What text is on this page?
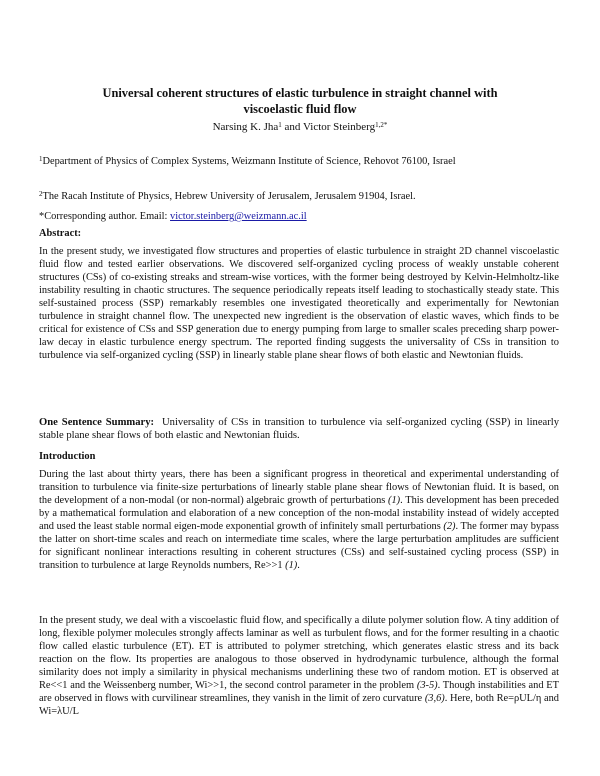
Universal coherent structures of elastic turbulence in straight channel with
viscoelastic fluid flow
Narsing K. Jha$^1$ and Victor Steinberg$^{1,2*}$

$^1$Department of Physics of Complex Systems, Weizmann Institute of Science, Rehovot 76100, Israel

$^2$The Racah Institute of Physics, Hebrew University of Jerusalem, Jerusalem 91904, Israel.

*Corresponding author. Email: victor.steinberg@weizmann.ac.il

Abstract:

In the present study, we investigated flow structures and properties of elastic turbulence in straight 2D channel viscoelastic fluid flow and tested earlier observations. We discovered self-organized cycling process of weakly unstable coherent structures (CSs) of co-existing streaks and stream-wise vortices, with the former being destroyed by Kelvin-Helmholtz-like instability resulting in chaotic structures. The sequence periodically repeats itself leading to stochastically steady state. This self-sustained process (SSP) remarkably resembles one investigated theoretically and experimentally for Newtonian turbulence in straight channel flow. The unexpected new ingredient is the observation of elastic waves, which finds to be critical for existence of CSs and SSP generation due to energy pumping from large to smaller scales preceding sharp power-law decay in elastic turbulence energy spectrum. The reported finding suggests the universality of CSs in transition to turbulence via self-organized cycling (SSP) in linearly stable plane shear flows of both elastic and Newtonian fluids.

One Sentence Summary: Universality of CSs in transition to turbulence via self-organized cycling (SSP) in linearly stable plane shear flows of both elastic and Newtonian fluids.

Introduction

During the last about thirty years, there has been a significant progress in theoretical and experimental understanding of transition to turbulence via finite-size perturbations of linearly stable plane shear flows of Newtonian fluid. It is based, on the development of a non-modal (or non-normal) algebraic growth of perturbations (1). This development has been preceded by a mathematical formulation and elaboration of a new conception of the non-modal instability instead of widely accepted and used the least stable normal eigen-mode exponential growth of infinitely small perturbations (2). The former may bypass the latter on short-time scales and reach on intermediate time scales, where the large perturbation amplitudes are sufficient for significant nonlinear interactions resulting in coherent structures (CSs) and self-sustained cycling process (SSP) in transition to turbulence at large Reynolds numbers, Re>>1 (1).

In the present study, we deal with a viscoelastic fluid flow, and specifically a dilute polymer solution flow. A tiny addition of long, flexible polymer molecules strongly affects laminar as well as turbulent flows, and for the former resulting in a chaotic flow called elastic turbulence (ET). ET is attributed to polymer stretching, which generates elastic stress and its back reaction on the flow. Its properties are analogous to those observed in hydrodynamic turbulence, although the formal similarity does not imply a similarity in physical mechanisms underlining these two of random motion. ET is observed at Re<<1 and the Weissenberg number, Wi>>1, the second control parameter in the problem (3-5). Though instabilities and ET are observed in flows with curvilinear streamlines, they vanish in the limit of zero curvature (3,6). Here, both Re=ρUL/η and Wi=λU/L
